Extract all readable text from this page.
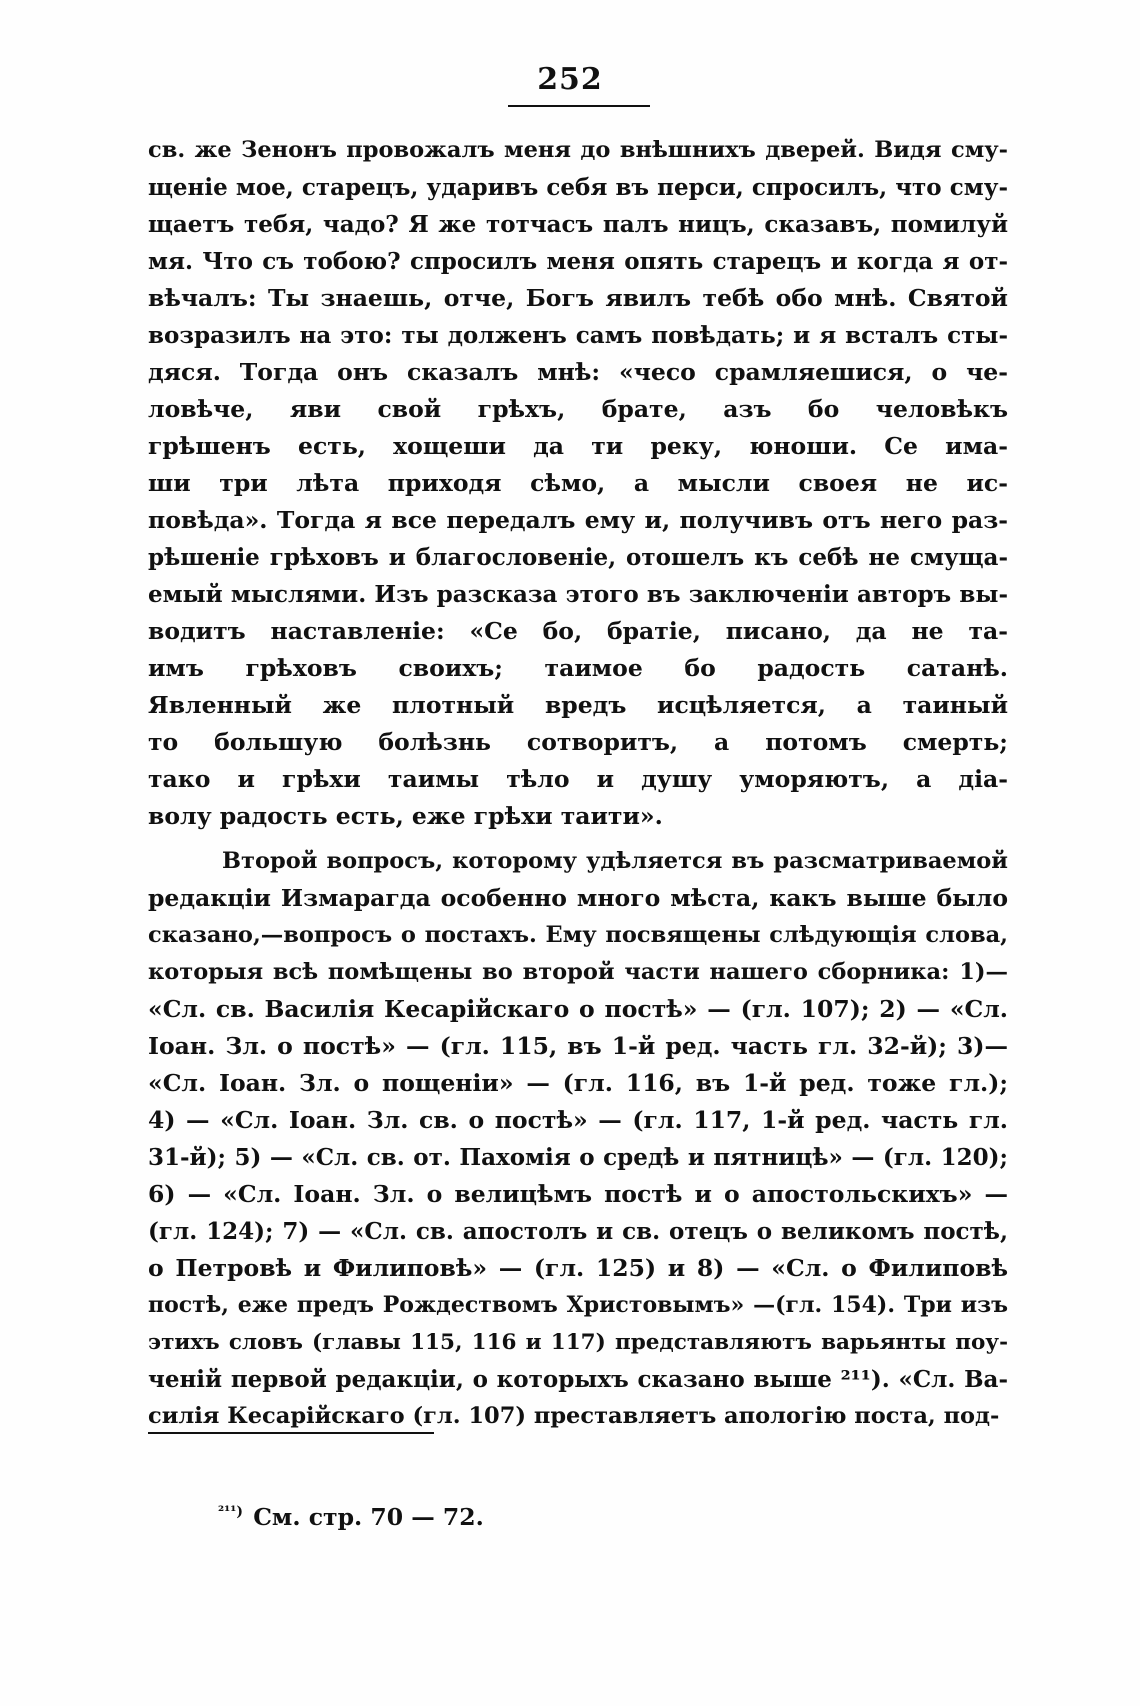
252
св. же Зенонъ провожалъ меня до внѣшнихъ дверей. Видя сму-
щеніе мое, старецъ, ударивъ себя въ перси, спросилъ, что сму-
щаетъ тебя, чадо? Я же тотчасъ палъ ницъ, сказавъ, помилуй
мя. Что съ тобою? спросилъ меня опять старецъ и когда я от-
вѣчалъ: Ты знаешь, отче, Богъ явилъ тебѣ обо мнѣ. Святой
возразилъ на это: ты долженъ самъ повѣдать; и я всталъ сты-
дяся. Тогда онъ сказалъ мнѣ: «чесо срамляешися, о че-
ловѣче, яви свой грѣхъ, брате, азъ бо человѣкъ
грѣшенъ есть, хощеши да ти реку, юноши. Се имa-
ши три лѣта приходя сѣмо, а мысли своея не ис-
повѣда». Тогда я все передалъ ему и, получивъ отъ него раз-
рѣшеніе грѣховъ и благословеніе, отошелъ къ себѣ не смуща-
емый мыслями. Изъ разсказа этого въ заключеніи авторъ вы-
водитъ наставленіе: «Се бо, братіе, писано, да не та-
имъ грѣховъ своихъ; таимое бо радость сатанѣ.
Явленный же плотный вредъ исцѣляется, а таиный
то большую болѣзнь сотворитъ, а потомъ смерть;
тако и грѣхи таимы тѣло и душу уморяютъ, а діа-
волу радость есть, еже грѣхи таити».
Второй вопросъ, которому удѣляется въ разсматриваемой
редакціи Измарагда особенно много мѣста, какъ выше было
сказано,—вопросъ о постахъ. Ему посвящены слѣдующія слова,
которыя всѣ помѣщены во второй части нашего сборника: 1)—
«Сл. св. Василія Кесарійскаго о постѣ» — (гл. 107); 2) — «Сл.
Іоан. Зл. о постѣ» — (гл. 115, въ 1-й ред. часть гл. 32-й); 3)—
«Сл. Іоан. Зл. о пощеніи» — (гл. 116, въ 1-й ред. тоже гл.);
4) — «Сл. Іоан. Зл. св. о постѣ» — (гл. 117, 1-й ред. часть гл.
31-й); 5) — «Сл. св. от. Пахомія о средѣ и пятницѣ» — (гл. 120);
6) — «Сл. Іоан. Зл. о велицѣмъ постѣ и о апостольскихъ» —
(гл. 124); 7) — «Сл. св. апостолъ и св. отецъ о великомъ постѣ,
о Петровѣ и Филиповѣ» — (гл. 125) и 8) — «Сл. о Филиповѣ
постѣ, еже предъ Рождествомъ Христовымъ» —(гл. 154). Три изъ
этихъ словъ (главы 115, 116 и 117) представляютъ варьянты поу-
ченій первой редакціи, о которыхъ сказано выше ²¹¹). «Сл. Ва-
силія Кесарійскаго (гл. 107) преставляетъ апологію поста, под-
$^{^{211})}$ См. стр. 70 — 72.
